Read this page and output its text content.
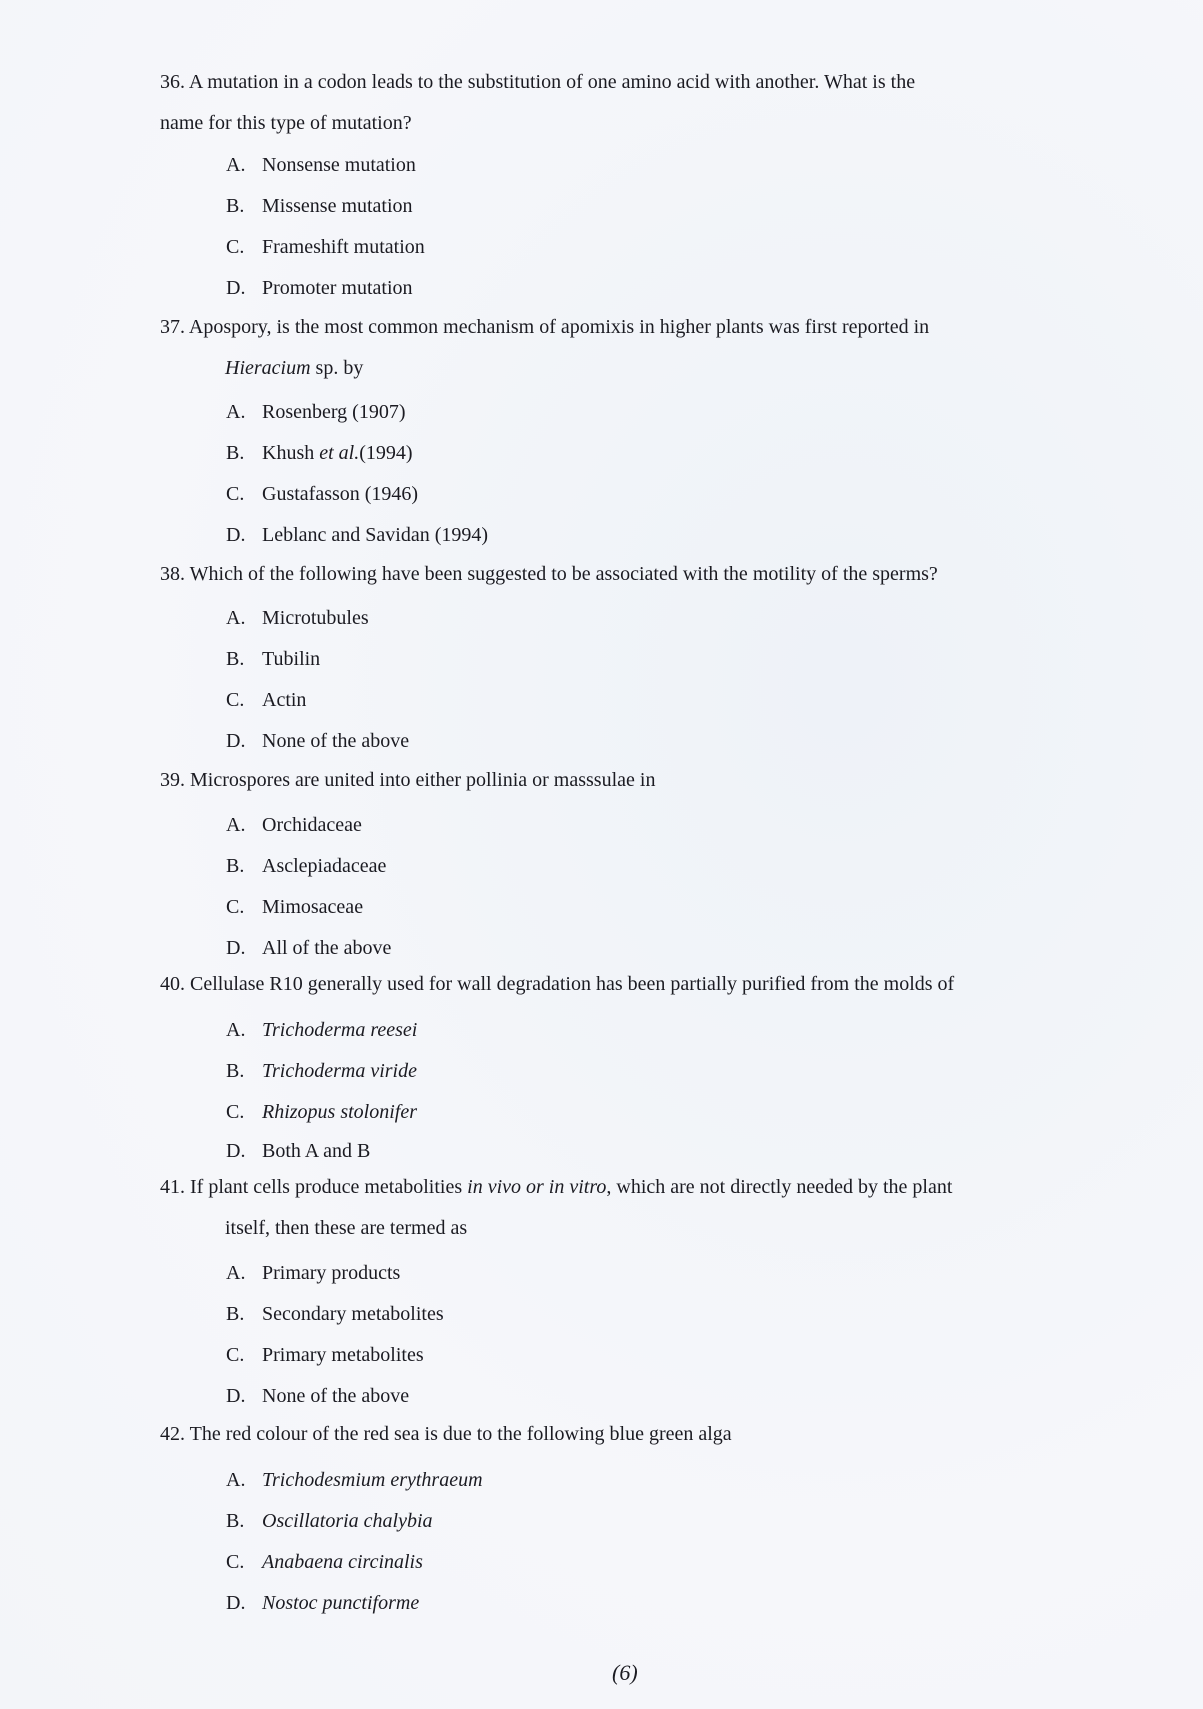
36. A mutation in a codon leads to the substitution of one amino acid with another. What is the
name for this type of mutation?
A. Nonsense mutation
B. Missense mutation
C. Frameshift mutation
D. Promoter mutation
37. Apospory, is the most common mechanism of apomixis in higher plants was first reported in
Hieracium sp. by
A. Rosenberg (1907)
B. Khush et al.(1994)
C. Gustafasson (1946)
D. Leblanc and Savidan (1994)
38. Which of the following have been suggested to be associated with the motility of the sperms?
A. Microtubules
B. Tubilin
C. Actin
D. None of the above
39. Microspores are united into either pollinia or masssulae in
A. Orchidaceae
B. Asclepiadaceae
C. Mimosaceae
D. All of the above
40. Cellulase R10 generally used for wall degradation has been partially purified from the molds of
A. Trichoderma reesei
B. Trichoderma viride
C. Rhizopus stolonifer
D. Both A and B
41. If plant cells produce metabolities in vivo or in vitro, which are not directly needed by the plant
itself, then these are termed as
A. Primary products
B. Secondary metabolites
C. Primary metabolites
D. None of the above
42. The red colour of the red sea is due to the following blue green alga
A. Trichodesmium erythraeum
B. Oscillatoria chalybia
C. Anabaena circinalis
D. Nostoc punctiforme
(6)
